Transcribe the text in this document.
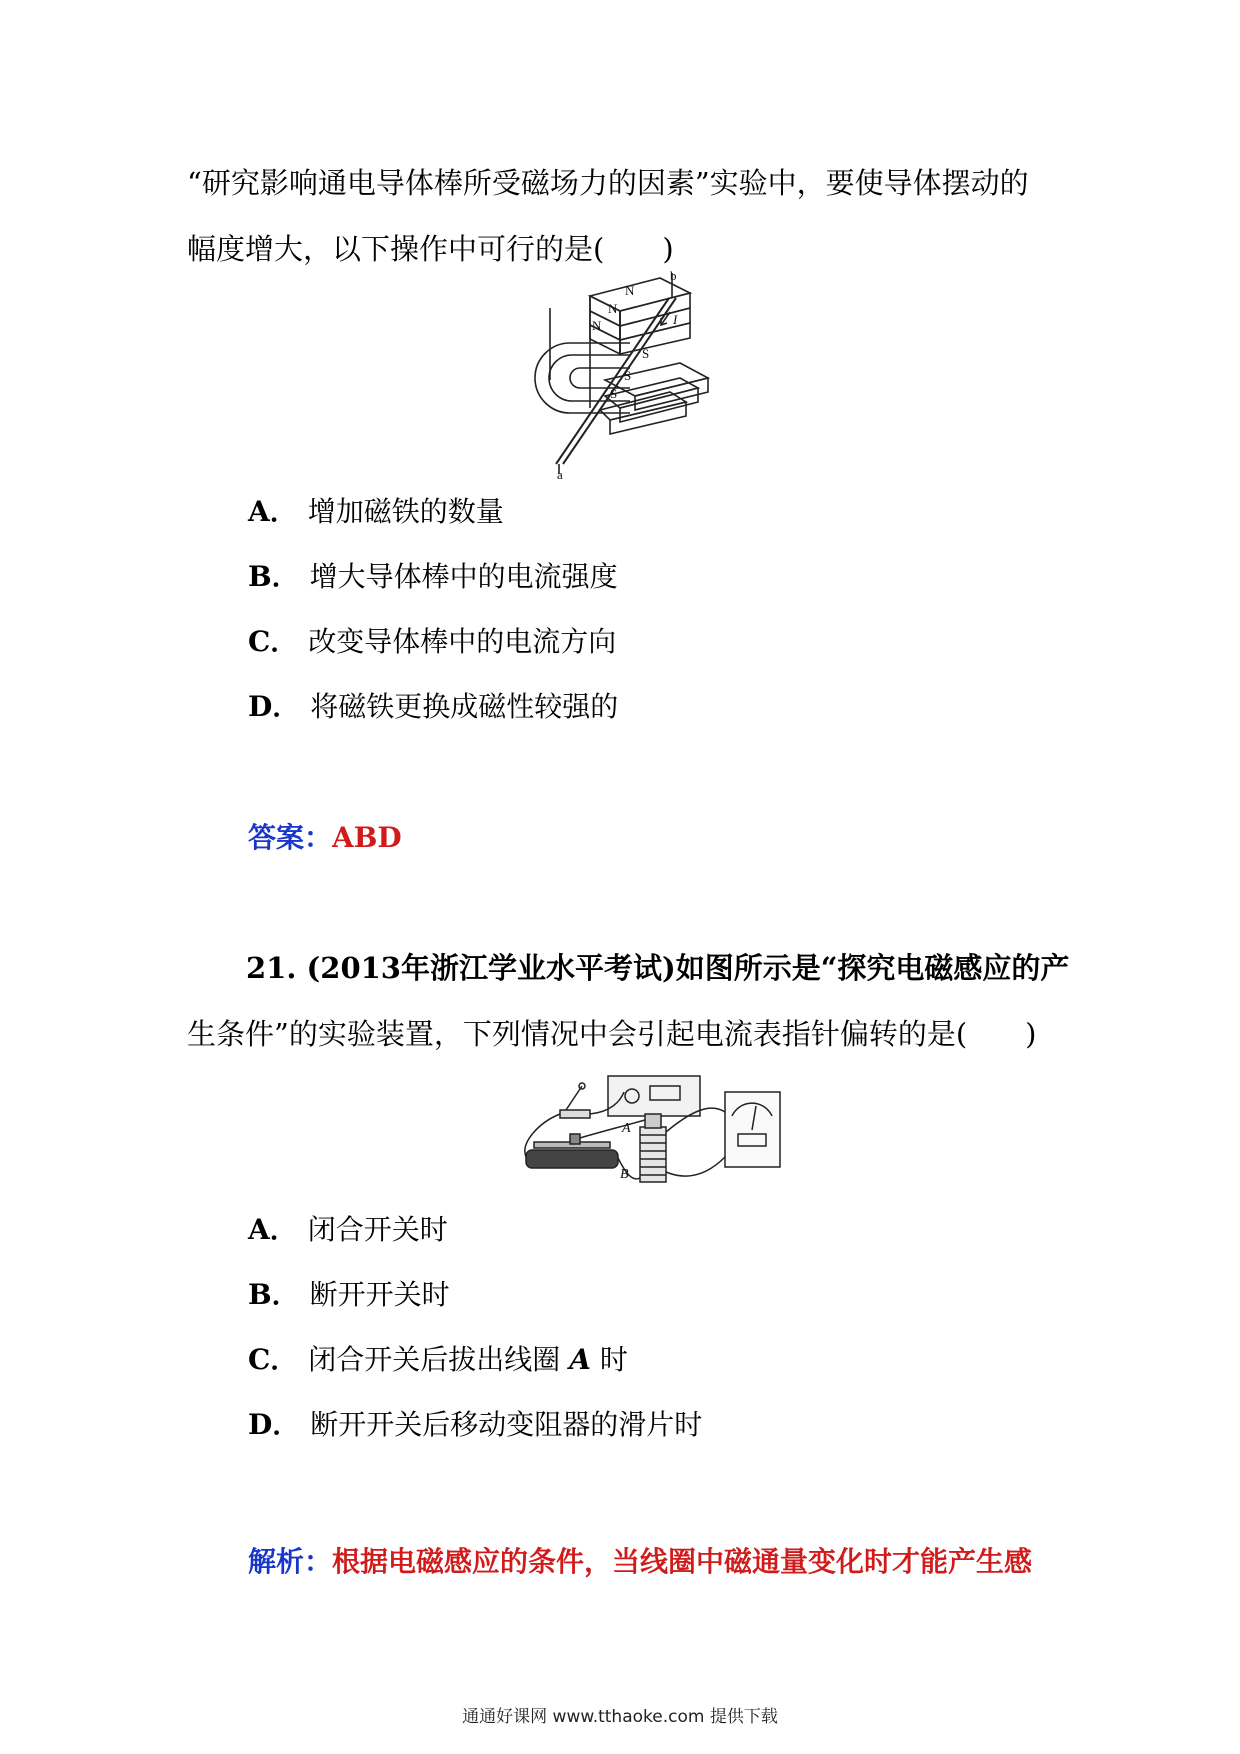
“研究影响通电导体棒所受磁场力的因素”实验中，要使导体摆动的
幅度增大，以下操作中可行的是(　　)
b
a
N
N
N
S
S
S
I
A． 增加磁铁的数量
B． 增大导体棒中的电流强度
C． 改变导体棒中的电流方向
D． 将磁铁更换成磁性较强的
答案：ABD
21. (2013年浙江学业水平考试)如图所示是“探究电磁感应的产
生条件”的实验装置，下列情况中会引起电流表指针偏转的是(　　)
A
B
A． 闭合开关时
B． 断开开关时
C． 闭合开关后拔出线圈 A 时
D． 断开开关后移动变阻器的滑片时
解析：根据电磁感应的条件，当线圈中磁通量变化时才能产生感
通通好课网 www.tthaoke.com 提供下载
